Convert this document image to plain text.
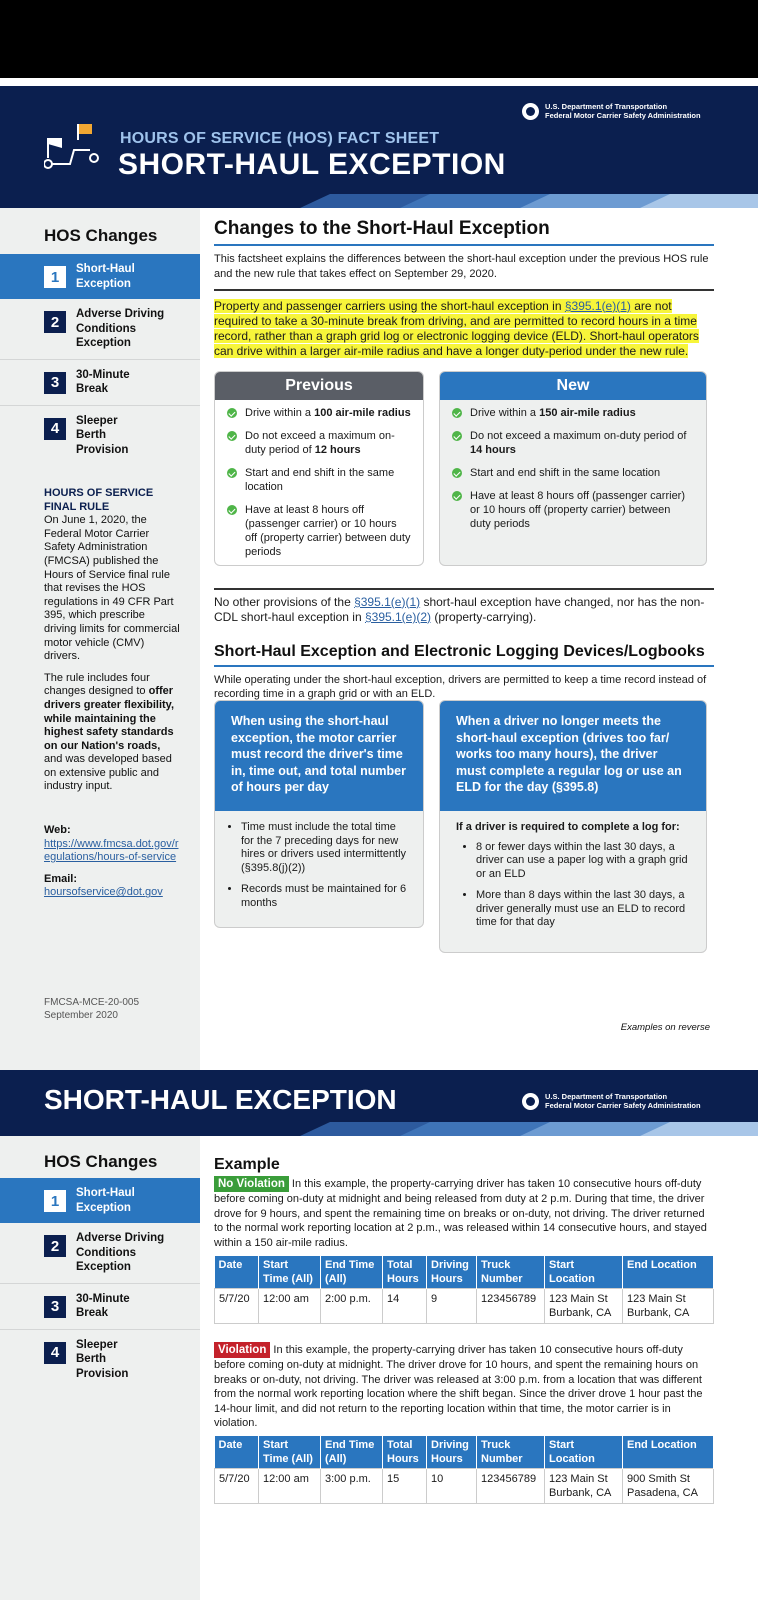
HOURS OF SERVICE (HOS) FACT SHEET
SHORT-HAUL EXCEPTION
U.S. Department of Transportation
Federal Motor Carrier Safety Administration
HOS Changes
1	Short-Haul Exception
2	Adverse Driving Conditions Exception
3	30-Minute Break
4	Sleeper Berth Provision
HOURS OF SERVICE FINAL RULE
On June 1, 2020, the Federal Motor Carrier Safety Administration (FMCSA) published the Hours of Service final rule that revises the HOS regulations in 49 CFR Part 395, which prescribe driving limits for commercial motor vehicle (CMV) drivers.
The rule includes four changes designed to offer drivers greater flexibility, while maintaining the highest safety standards on our Nation's roads, and was developed based on extensive public and industry input.
Web:
https://www.fmcsa.dot.gov/regulations/hours-of-service
Email:
hoursofservice@dot.gov
FMCSA-MCE-20-005
September 2020
Changes to the Short-Haul Exception
This factsheet explains the differences between the short-haul exception under the previous HOS rule and the new rule that takes effect on September 29, 2020.
Property and passenger carriers using the short-haul exception in §395.1(e)(1) are not required to take a 30-minute break from driving, and are permitted to record hours in a time record, rather than a graph grid log or electronic logging device (ELD). Short-haul operators can drive within a larger air-mile radius and have a longer duty-period under the new rule.
Previous
Drive within a 100 air-mile radius
Do not exceed a maximum on-duty period of 12 hours
Start and end shift in the same location
Have at least 8 hours off (passenger carrier) or 10 hours off (property carrier) between duty periods
New
Drive within a 150 air-mile radius
Do not exceed a maximum on-duty period of 14 hours
Start and end shift in the same location
Have at least 8 hours off (passenger carrier) or 10 hours off (property carrier) between duty periods
No other provisions of the §395.1(e)(1) short-haul exception have changed, nor has the non-CDL short-haul exception in §395.1(e)(2) (property-carrying).
Short-Haul Exception and Electronic Logging Devices/Logbooks
While operating under the short-haul exception, drivers are permitted to keep a time record instead of recording time in a graph grid or with an ELD.
When using the short-haul exception, the motor carrier must record the driver's time in, time out, and total number of hours per day
• Time must include the total time for the 7 preceding days for new hires or drivers used intermittently (§395.8(j)(2))
• Records must be maintained for 6 months
When a driver no longer meets the short-haul exception (drives too far/ works too many hours), the driver must complete a regular log or use an ELD for the day (§395.8)
If a driver is required to complete a log for:
• 8 or fewer days within the last 30 days, a driver can use a paper log with a graph grid or an ELD
• More than 8 days within the last 30 days, a driver generally must use an ELD to record time for that day
Examples on reverse
SHORT-HAUL EXCEPTION	U.S. Department of Transportation
Federal Motor Carrier Safety Administration
HOS Changes
1	Short-Haul Exception
2	Adverse Driving Conditions Exception
3	30-Minute Break
4	Sleeper Berth Provision
Example
No Violation In this example, the property-carrying driver has taken 10 consecutive hours off-duty before coming on-duty at midnight and being released from duty at 2 p.m. During that time, the driver drove for 9 hours, and spent the remaining time on breaks or on-duty, not driving. The driver returned to the normal work reporting location at 2 p.m., was released within 14 consecutive hours, and stayed within a 150 air-mile radius.
Date	Start Time (All)	End Time (All)	Total Hours	Driving Hours	Truck Number	Start Location	End Location
5/7/20	12:00 am	2:00 p.m.	14	9	123456789	123 Main St Burbank, CA	123 Main St Burbank, CA
Violation In this example, the property-carrying driver has taken 10 consecutive hours off-duty before coming on-duty at midnight. The driver drove for 10 hours, and spent the remaining hours on breaks or on-duty, not driving. The driver was released at 3:00 p.m. from a location that was different from the normal work reporting location where the shift began. Since the driver drove 1 hour past the 14-hour limit, and did not return to the reporting location within that time, the motor carrier is in violation.
Date	Start Time (All)	End Time (All)	Total Hours	Driving Hours	Truck Number	Start Location	End Location
5/7/20	12:00 am	3:00 p.m.	15	10	123456789	123 Main St Burbank, CA	900 Smith St Pasadena, CA
